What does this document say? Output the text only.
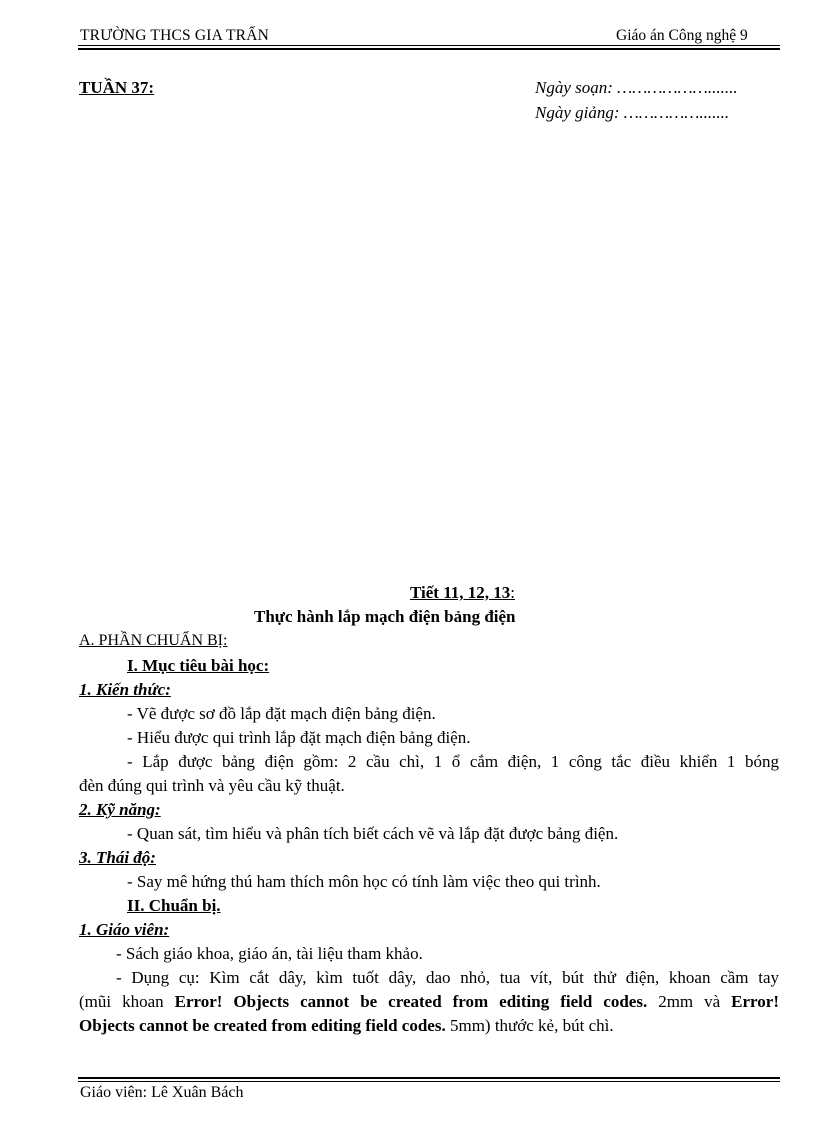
TRƯỜNG THCS GIA TRẤN	Giáo án Công nghệ 9
TUẦN 37:	Ngày soạn: ……………….......
Ngày giảng: …………….......
Tiết 11, 12, 13:
Thực hành lắp mạch điện bảng điện
A. PHẦN CHUẨN BỊ:
I. Mục tiêu bài học:
1. Kiến thức:
- Vẽ được sơ đồ lắp đặt mạch điện bảng điện.
- Hiểu được qui trình lắp đặt mạch điện bảng điện.
- Lắp được bảng điện gồm: 2 cầu chì, 1 ổ cắm điện, 1 công tắc điều khiển 1 bóng
đèn đúng qui trình và yêu cầu kỹ thuật.
2. Kỹ năng:
- Quan sát, tìm hiểu và phân tích biết cách vẽ và lắp đặt được bảng điện.
3. Thái độ:
- Say mê hứng thú ham thích môn học có tính làm việc theo qui trình.
II. Chuẩn bị.
1. Giáo viên:
- Sách giáo khoa, giáo án, tài liệu tham khảo.
- Dụng cụ: Kìm cắt dây, kìm tuốt dây, dao nhỏ, tua vít, bút thử điện, khoan cầm tay
(mũi khoan Error! Objects cannot be created from editing field codes. 2mm và Error!
Objects cannot be created from editing field codes. 5mm) thước kẻ, bút chì.
Giáo viên: Lê Xuân Bách
